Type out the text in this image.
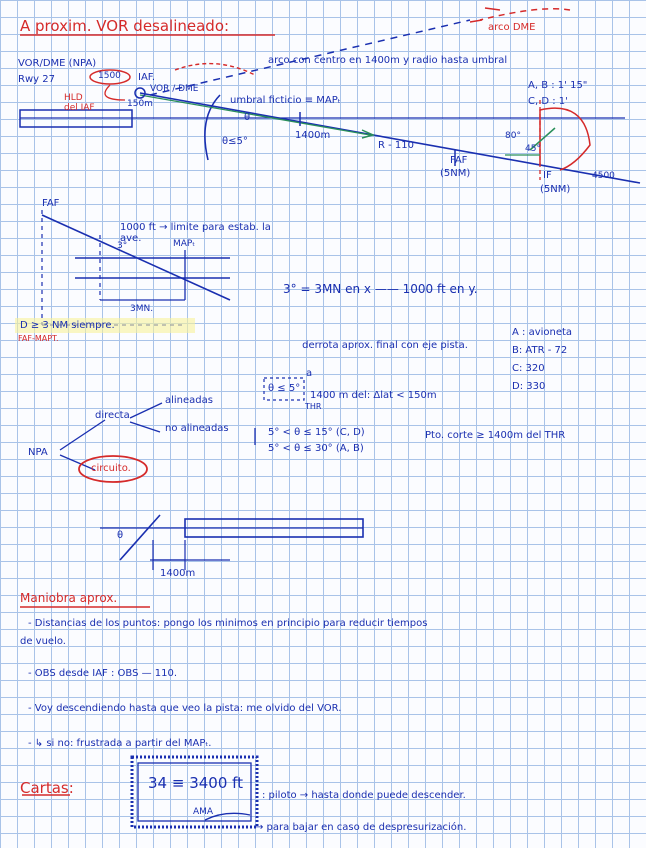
A proxim. VOR desalineado:	arco DME
arco con centro en 1400m y radio hasta umbral
VOR/DME (NPA)
Rwy 27	IAF.
1500
VOR / DME
HLD del IAF	150m	umbral ficticio ≡ MAPₜ
A, B : 1' 15"
C, D : 1'
θ
θ≤5°
1400m
R - 110
FAF
(5NM)	IF
(5NM)
4500
45°
80°
FAF
1000 ft → limite para estab. la ave.	MAPₜ
3°
3MN.
3° = 3MN en x —— 1000 ft en y.
D ≥ 3 NM siempre.
FAF-MAPT.
A : avioneta
B: ATR - 72
C: 320
D: 330
derrota aprox. final con eje pista.
a
θ ≤ 5°
1400 m del: Δlat < 150m
THR
alineadas
no alineadas
directa
NPA
circuito.
5° < θ ≤ 15° (C, D)
5° < θ ≤ 30° (A, B)
Pto. corte ≥ 1400m del THR
θ
1400m
Maniobra aprox.
- Distancias de los puntos: pongo los minimos en principio para reducir tiempos
de vuelo.
- OBS desde IAF : OBS — 110.
- Voy descendiendo hasta que veo la pista: me olvido del VOR.
- ↳ si no: frustrada a partir del MAPₜ.
Cartas:	34 ≡ 3400 ft
AMA
: piloto → hasta donde puede descender.
→ para bajar en caso de despresurización.
